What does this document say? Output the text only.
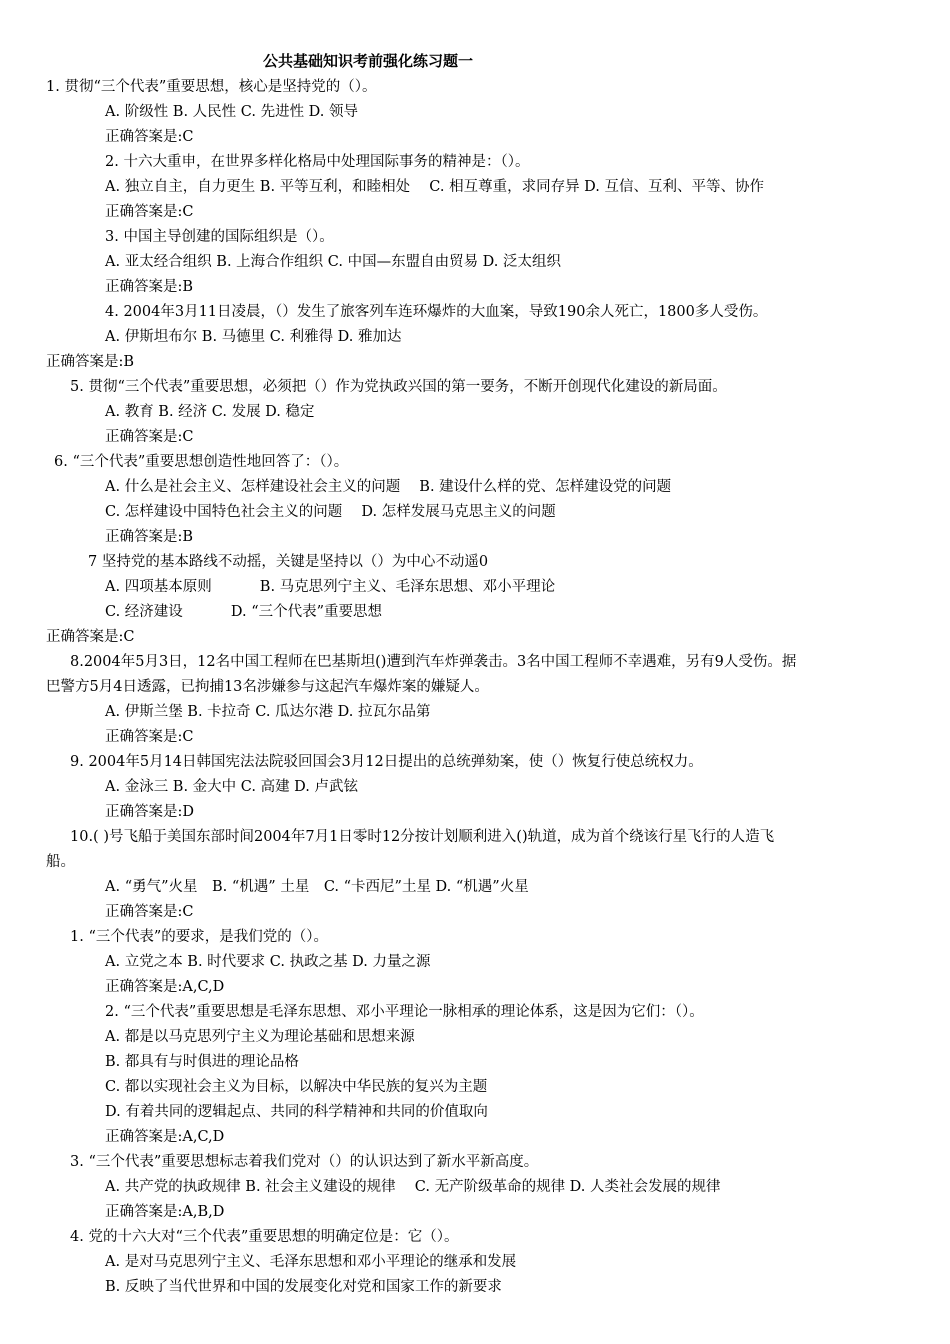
公共基础知识考前强化练习题一
1. 贯彻“三个代表”重要思想，核心是坚持党的（）。
A. 阶级性 B. 人民性 C. 先进性 D. 领导
正确答案是:C
2. 十六大重申，在世界多样化格局中处理国际事务的精神是：（）。
A. 独立自主，自力更生 B. 平等互利，和睦相处　 C. 相互尊重，求同存异 D. 互信、互利、平等、协作
正确答案是:C
3. 中国主导创建的国际组织是（）。
A. 亚太经合组织 B. 上海合作组织 C. 中国—东盟自由贸易 D. 泛太组织
正确答案是:B
4. 2004年3月11日凌晨，（）发生了旅客列车连环爆炸的大血案，导致190余人死亡，1800多人受伤。
A. 伊斯坦布尔 B. 马德里 C. 利雅得 D. 雅加达
正确答案是:B
5. 贯彻“三个代表”重要思想，必须把（）作为党执政兴国的第一要务，不断开创现代化建设的新局面。
A. 教育 B. 经济 C. 发展 D. 稳定
正确答案是:C
6. “三个代表”重要思想创造性地回答了：（）。
A. 什么是社会主义、怎样建设社会主义的问题　 B. 建设什么样的党、怎样建设党的问题
C. 怎样建设中国特色社会主义的问题　 D. 怎样发展马克思主义的问题
正确答案是:B
7 坚持党的基本路线不动摇，关键是坚持以（）为中心不动遥0
A. 四项基本原则　　　 B. 马克思列宁主义、毛泽东思想、邓小平理论
C. 经济建设　　　 D. “三个代表”重要思想
正确答案是:C
8.2004年5月3日，12名中国工程师在巴基斯坦()遭到汽车炸弹袭击。3名中国工程师不幸遇难，另有9人受伤。据
巴警方5月4日透露，已拘捕13名涉嫌参与这起汽车爆炸案的嫌疑人。
A. 伊斯兰堡 B. 卡拉奇 C. 瓜达尔港 D. 拉瓦尔品第
正确答案是:C
9. 2004年5月14日韩国宪法法院驳回国会3月12日提出的总统弹劾案，使（）恢复行使总统权力。
A. 金泳三 B. 金大中 C. 高建 D. 卢武铉
正确答案是:D
10.( )号飞船于美国东部时间2004年7月1日零时12分按计划顺利进入()轨道，成为首个绕该行星飞行的人造飞
船。
A. “勇气”火星　B. “机遇” 土星　C. “卡西尼”土星 D. “机遇”火星
正确答案是:C
1. “三个代表”的要求，是我们党的（）。
A. 立党之本 B. 时代要求 C. 执政之基 D. 力量之源
正确答案是:A,C,D
2. “三个代表”重要思想是毛泽东思想、邓小平理论一脉相承的理论体系，这是因为它们：（）。
A. 都是以马克思列宁主义为理论基础和思想来源
B. 都具有与时俱进的理论品格
C. 都以实现社会主义为目标，以解决中华民族的复兴为主题
D. 有着共同的逻辑起点、共同的科学精神和共同的价值取向
正确答案是:A,C,D
3. “三个代表”重要思想标志着我们党对（）的认识达到了新水平新高度。
A. 共产党的执政规律 B. 社会主义建设的规律　 C. 无产阶级革命的规律 D. 人类社会发展的规律
正确答案是:A,B,D
4. 党的十六大对“三个代表”重要思想的明确定位是：它（）。
A. 是对马克思列宁主义、毛泽东思想和邓小平理论的继承和发展
B. 反映了当代世界和中国的发展变化对党和国家工作的新要求
